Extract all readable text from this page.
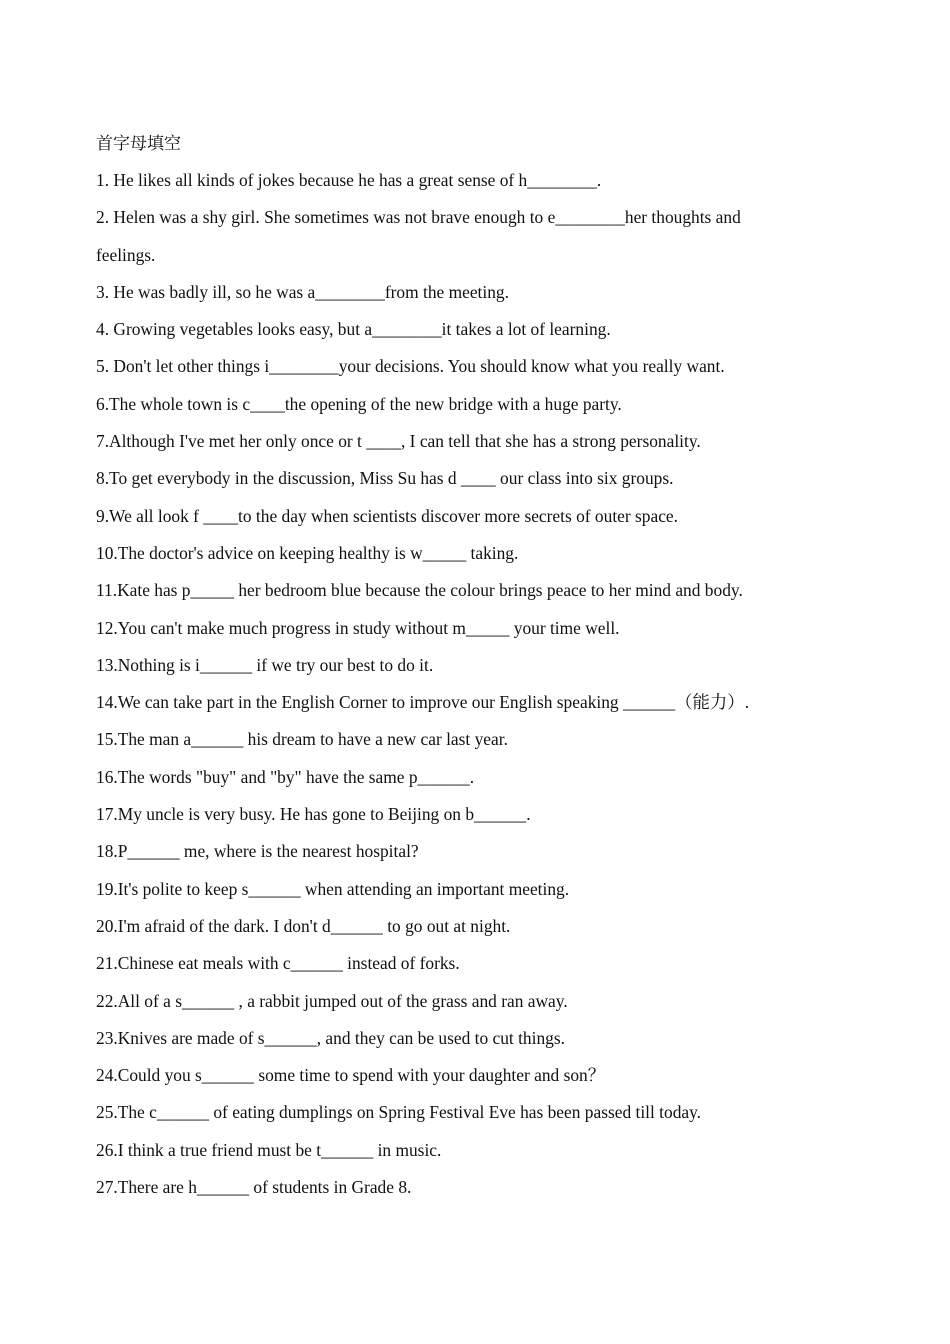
首字母填空
1. He likes all kinds of jokes because he has a great sense of h________.
2. Helen was a shy girl. She sometimes was not brave enough to e________her thoughts and
feelings.
3. He was badly ill, so he was a________from the meeting.
4. Growing vegetables looks easy, but a________it takes a lot of learning.
5. Don't let other things i________your decisions. You should know what you really want.
6.The whole town is c____the opening of the new bridge with a huge party.
7.Although I've met her only once or t ____, I can tell that she has a strong personality.
8.To get everybody in the discussion, Miss Su has d ____ our class into six groups.
9.We all look f ____to the day when scientists discover more secrets of outer space.
10.The doctor's advice on keeping healthy is w_____ taking.
11.Kate has p_____ her bedroom blue because the colour brings peace to her mind and body.
12.You can't make much progress in study without m_____ your time well.
13.Nothing is i______ if we try our best to do it.
14.We can take part in the English Corner to improve our English speaking ______（能力）.
15.The man a______ his dream to have a new car last year.
16.The words "buy" and "by" have the same p______.
17.My uncle is very busy. He has gone to Beijing on b______.
18.P______ me, where is the nearest hospital?
19.It's polite to keep s______ when attending an important meeting.
20.I'm afraid of the dark. I don't d______ to go out at night.
21.Chinese eat meals with c______ instead of forks.
22.All of a s______ , a rabbit jumped out of the grass and ran away.
23.Knives are made of s______, and they can be used to cut things.
24.Could you s______ some time to spend with your daughter and son？
25.The c______ of eating dumplings on Spring Festival Eve has been passed till today.
26.I think a true friend must be t______ in music.
27.There are h______ of students in Grade 8.
